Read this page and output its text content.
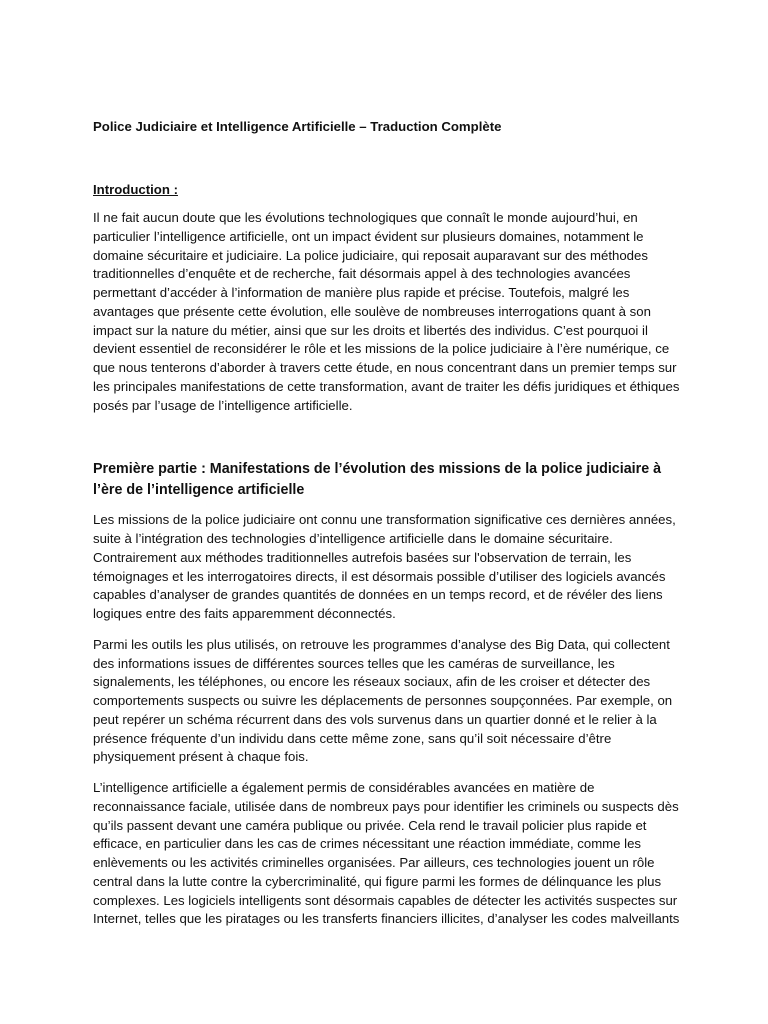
Police Judiciaire et Intelligence Artificielle – Traduction Complète

Introduction :

Il ne fait aucun doute que les évolutions technologiques que connaît le monde aujourd’hui, en particulier l’intelligence artificielle, ont un impact évident sur plusieurs domaines, notamment le domaine sécuritaire et judiciaire. La police judiciaire, qui reposait auparavant sur des méthodes traditionnelles d’enquête et de recherche, fait désormais appel à des technologies avancées permettant d’accéder à l’information de manière plus rapide et précise. Toutefois, malgré les avantages que présente cette évolution, elle soulève de nombreuses interrogations quant à son impact sur la nature du métier, ainsi que sur les droits et libertés des individus. C’est pourquoi il devient essentiel de reconsidérer le rôle et les missions de la police judiciaire à l’ère numérique, ce que nous tenterons d’aborder à travers cette étude, en nous concentrant dans un premier temps sur les principales manifestations de cette transformation, avant de traiter les défis juridiques et éthiques posés par l’usage de l’intelligence artificielle.

Première partie : Manifestations de l’évolution des missions de la police judiciaire à l’ère de l’intelligence artificielle

Les missions de la police judiciaire ont connu une transformation significative ces dernières années, suite à l’intégration des technologies d’intelligence artificielle dans le domaine sécuritaire. Contrairement aux méthodes traditionnelles autrefois basées sur l'observation de terrain, les témoignages et les interrogatoires directs, il est désormais possible d’utiliser des logiciels avancés capables d’analyser de grandes quantités de données en un temps record, et de révéler des liens logiques entre des faits apparemment déconnectés.

Parmi les outils les plus utilisés, on retrouve les programmes d’analyse des Big Data, qui collectent des informations issues de différentes sources telles que les caméras de surveillance, les signalements, les téléphones, ou encore les réseaux sociaux, afin de les croiser et détecter des comportements suspects ou suivre les déplacements de personnes soupçonnées. Par exemple, on peut repérer un schéma récurrent dans des vols survenus dans un quartier donné et le relier à la présence fréquente d’un individu dans cette même zone, sans qu’il soit nécessaire d’être physiquement présent à chaque fois.

L’intelligence artificielle a également permis de considérables avancées en matière de reconnaissance faciale, utilisée dans de nombreux pays pour identifier les criminels ou suspects dès qu’ils passent devant une caméra publique ou privée. Cela rend le travail policier plus rapide et efficace, en particulier dans les cas de crimes nécessitant une réaction immédiate, comme les enlèvements ou les activités criminelles organisées. Par ailleurs, ces technologies jouent un rôle central dans la lutte contre la cybercriminalité, qui figure parmi les formes de délinquance les plus complexes. Les logiciels intelligents sont désormais capables de détecter les activités suspectes sur Internet, telles que les piratages ou les transferts financiers illicites, d’analyser les codes malveillants
